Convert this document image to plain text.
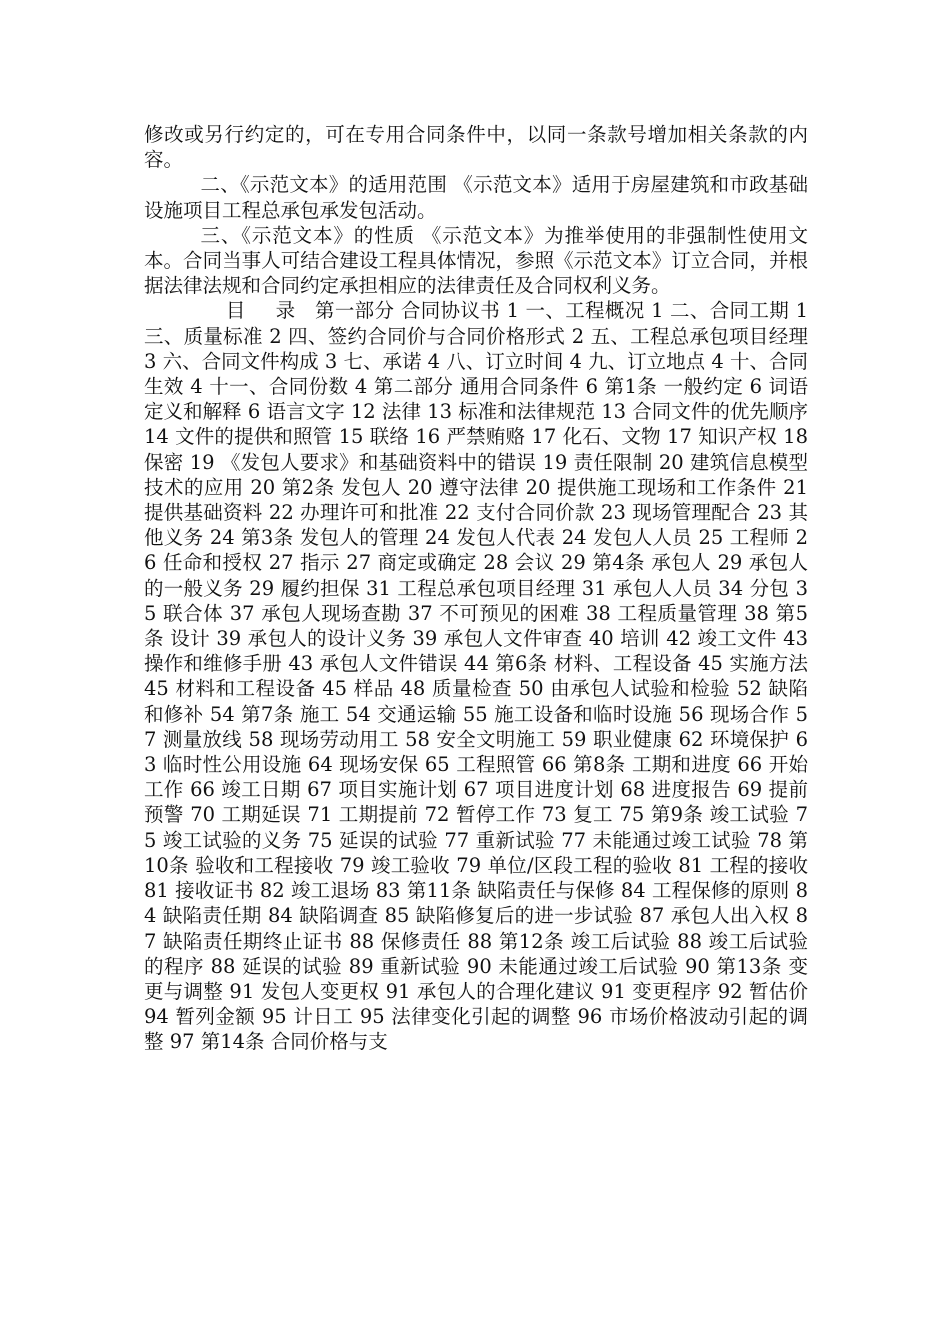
修改或另行约定的，可在专用合同条件中，以同一条款号增加相关条款的内容。

二、《示范文本》的适用范围 《示范文本》适用于房屋建筑和市政基础设施项目工程总承包承发包活动。

三、《示范文本》的性质 《示范文本》为推举使用的非强制性使用文本。合同当事人可结合建设工程具体情况，参照《示范文本》订立合同，并根据法律法规和合同约定承担相应的法律责任及合同权利义务。

目 录 第一部分 合同协议书 1 一、工程概况 1 二、合同工期 1 三、质量标准 2 四、签约合同价与合同价格形式 2 五、工程总承包项目经理 3 六、合同文件构成 3 七、承诺 4 八、订立时间 4 九、订立地点 4 十、合同生效 4 十一、合同份数 4 第二部分 通用合同条件 6 第1条 一般约定 6 词语定义和解释 6 语言文字 12 法律 13 标准和法律规范 13 合同文件的优先顺序 14 文件的提供和照管 15 联络 16 严禁贿赂 17 化石、文物 17 知识产权 18 保密 19 《发包人要求》和基础资料中的错误 19 责任限制 20 建筑信息模型技术的应用 20 第2条 发包人 20 遵守法律 20 提供施工现场和工作条件 21 提供基础资料 22 办理许可和批准 22 支付合同价款 23 现场管理配合 23 其他义务 24 第3条 发包人的管理 24 发包人代表 24 发包人人员 25 工程师 26 任命和授权 27 指示 27 商定或确定 28 会议 29 第4条 承包人 29 承包人的一般义务 29 履约担保 31 工程总承包项目经理 31 承包人人员 34 分包 35 联合体 37 承包人现场查勘 37 不可预见的困难 38 工程质量管理 38 第5条 设计 39 承包人的设计义务 39 承包人文件审查 40 培训 42 竣工文件 43 操作和维修手册 43 承包人文件错误 44 第6条 材料、工程设备 45 实施方法 45 材料和工程设备 45 样品 48 质量检查 50 由承包人试验和检验 52 缺陷和修补 54 第7条 施工 54 交通运输 55 施工设备和临时设施 56 现场合作 57 测量放线 58 现场劳动用工 58 安全文明施工 59 职业健康 62 环境保护 63 临时性公用设施 64 现场安保 65 工程照管 66 第8条 工期和进度 66 开始工作 66 竣工日期 67 项目实施计划 67 项目进度计划 68 进度报告 69 提前预警 70 工期延误 71 工期提前 72 暂停工作 73 复工 75 第9条 竣工试验 75 竣工试验的义务 75 延误的试验 77 重新试验 77 未能通过竣工试验 78 第10条 验收和工程接收 79 竣工验收 79 单位/区段工程的验收 81 工程的接收 81 接收证书 82 竣工退场 83 第11条 缺陷责任与保修 84 工程保修的原则 84 缺陷责任期 84 缺陷调查 85 缺陷修复后的进一步试验 87 承包人出入权 87 缺陷责任期终止证书 88 保修责任 88 第12条 竣工后试验 88 竣工后试验的程序 88 延误的试验 89 重新试验 90 未能通过竣工后试验 90 第13条 变更与调整 91 发包人变更权 91 承包人的合理化建议 91 变更程序 92 暂估价 94 暂列金额 95 计日工 95 法律变化引起的调整 96 市场价格波动引起的调整 97 第14条 合同价格与支
